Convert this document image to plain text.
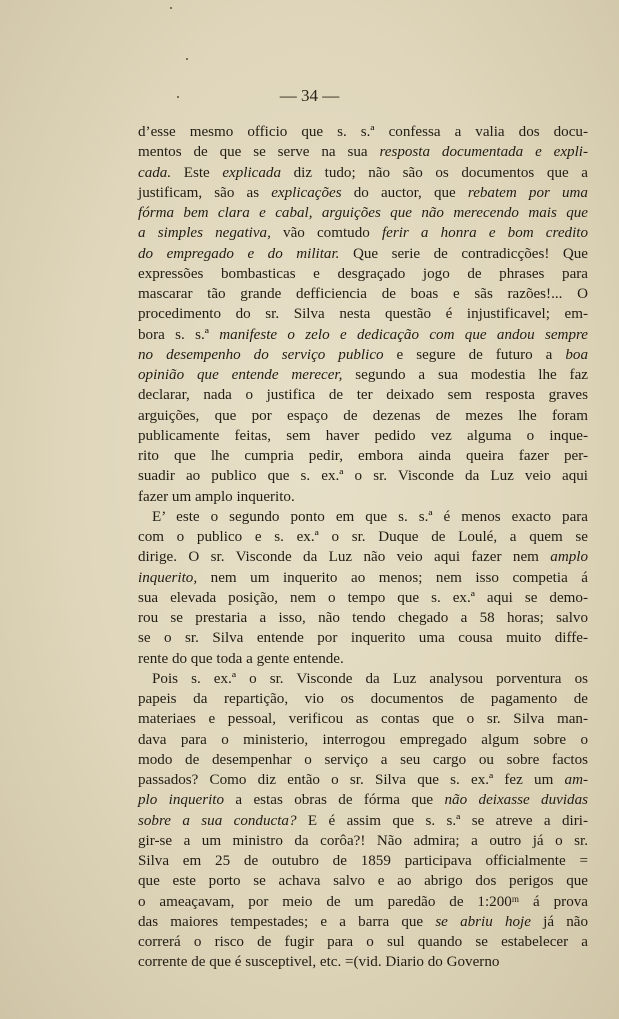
— 34 —
d’esse mesmo officio que s. s.ª confessa a valia dos docu-
mentos de que se serve na sua resposta documentada e expli-
cada. Este explicada diz tudo; não são os documentos que a
justificam, são as explicações do auctor, que rebatem por uma
fórma bem clara e cabal, arguições que não merecendo mais que
a simples negativa, vão comtudo ferir a honra e bom credito
do empregado e do militar. Que serie de contradicções! Que
expressões bombasticas e desgraçado jogo de phrases para
mascarar tão grande defficiencia de boas e sãs razões!... O
procedimento do sr. Silva nesta questão é injustificavel; em-
bora s. s.ª manifeste o zelo e dedicação com que andou sempre
no desempenho do serviço publico e segure de futuro a boa
opinião que entende merecer, segundo a sua modestia lhe faz
declarar, nada o justifica de ter deixado sem resposta graves
arguições, que por espaço de dezenas de mezes lhe foram
publicamente feitas, sem haver pedido vez alguma o inque-
rito que lhe cumpria pedir, embora ainda queira fazer per-
suadir ao publico que s. ex.ª o sr. Visconde da Luz veio aqui
fazer um amplo inquerito.
E’ este o segundo ponto em que s. s.ª é menos exacto para
com o publico e s. ex.ª o sr. Duque de Loulé, a quem se
dirige. O sr. Visconde da Luz não veio aqui fazer nem amplo
inquerito, nem um inquerito ao menos; nem isso competia á
sua elevada posição, nem o tempo que s. ex.ª aqui se demo-
rou se prestaria a isso, não tendo chegado a 58 horas; salvo
se o sr. Silva entende por inquerito uma cousa muito diffe-
rente do que toda a gente entende.
Pois s. ex.ª o sr. Visconde da Luz analysou porventura os
papeis da repartição, vio os documentos de pagamento de
materiaes e pessoal, verificou as contas que o sr. Silva man-
dava para o ministerio, interrogou empregado algum sobre o
modo de desempenhar o serviço a seu cargo ou sobre factos
passados? Como diz então o sr. Silva que s. ex.ª fez um am-
plo inquerito a estas obras de fórma que não deixasse duvidas
sobre a sua conducta? E é assim que s. s.ª se atreve a diri-
gir-se a um ministro da corôa?! Não admira; a outro já o sr.
Silva em 25 de outubro de 1859 participava officialmente =
que este porto se achava salvo e ao abrigo dos perigos que
o ameaçavam, por meio de um paredão de 1:200ᵐ á prova
das maiores tempestades; e a barra que se abriu hoje já não
correrá o risco de fugir para o sul quando se estabelecer a
corrente de que é susceptivel, etc. =(vid. Diario do Governo
